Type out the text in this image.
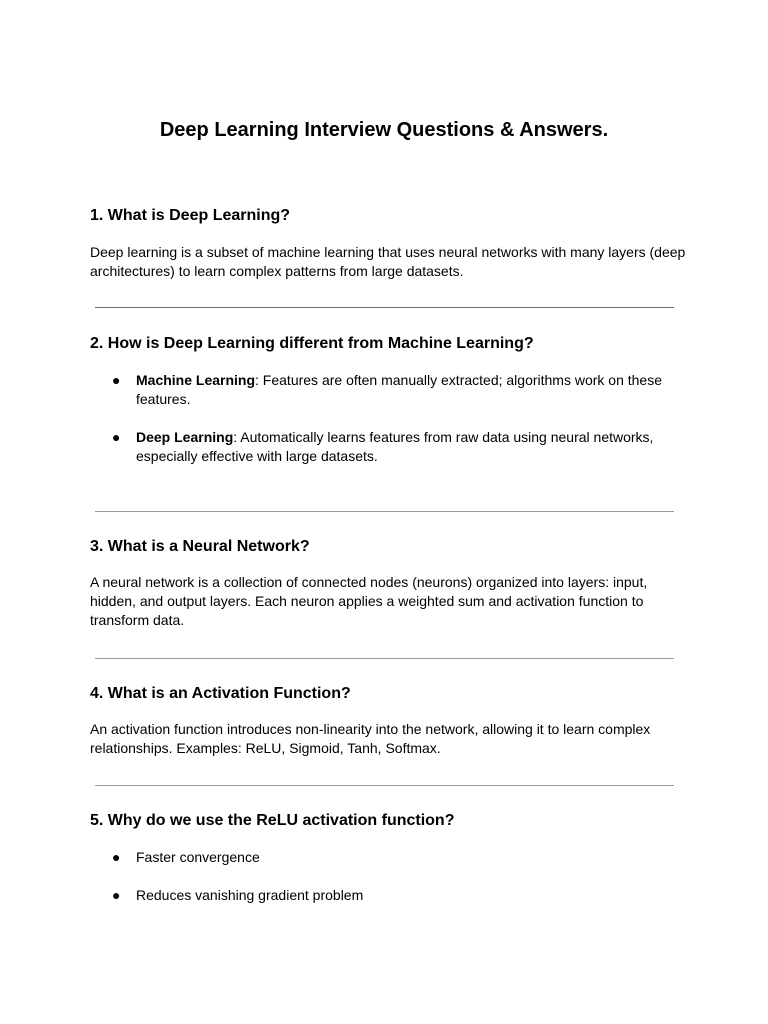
Deep Learning Interview Questions & Answers.
1. What is Deep Learning?

Deep learning is a subset of machine learning that uses neural networks with many layers (deep architectures) to learn complex patterns from large datasets.

2. How is Deep Learning different from Machine Learning?
● Machine Learning: Features are often manually extracted; algorithms work on these features.
● Deep Learning: Automatically learns features from raw data using neural networks, especially effective with large datasets.
3. What is a Neural Network?

A neural network is a collection of connected nodes (neurons) organized into layers: input, hidden, and output layers. Each neuron applies a weighted sum and activation function to transform data.

4. What is an Activation Function?

An activation function introduces non-linearity into the network, allowing it to learn complex relationships. Examples: ReLU, Sigmoid, Tanh, Softmax.

5. Why do we use the ReLU activation function?
● Faster convergence
● Reduces vanishing gradient problem
